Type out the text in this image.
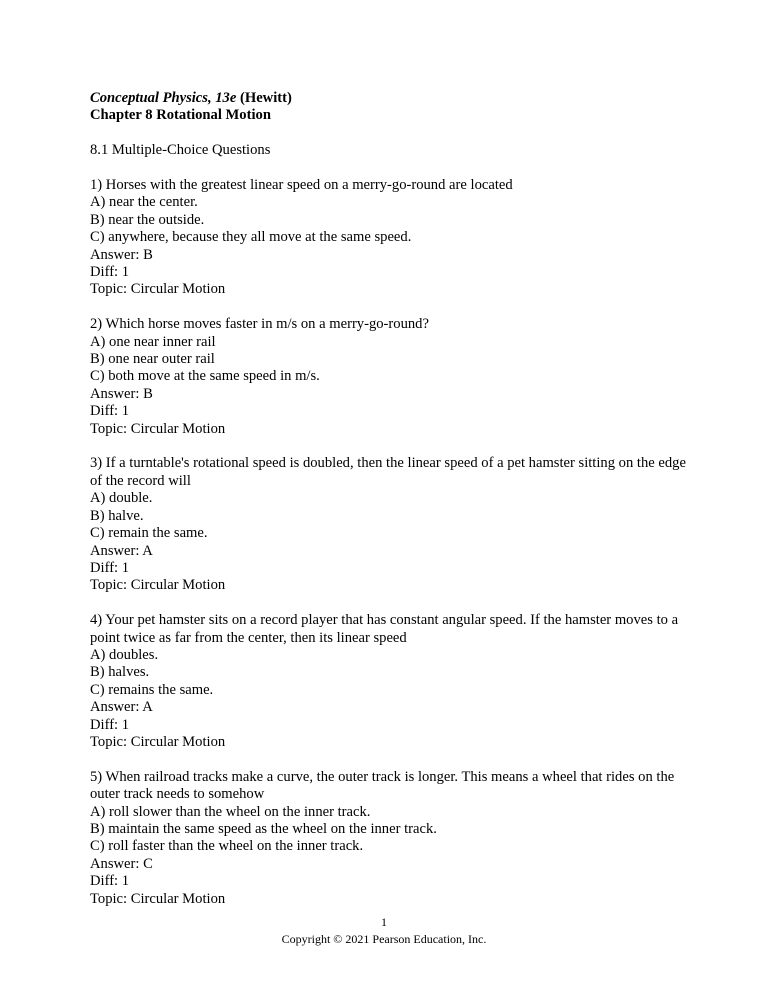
Conceptual Physics, 13e (Hewitt)
Chapter 8 Rotational Motion
8.1 Multiple-Choice Questions
1) Horses with the greatest linear speed on a merry-go-round are located
A) near the center.
B) near the outside.
C) anywhere, because they all move at the same speed.
Answer: B
Diff: 1
Topic: Circular Motion
2) Which horse moves faster in m/s on a merry-go-round?
A) one near inner rail
B) one near outer rail
C) both move at the same speed in m/s.
Answer: B
Diff: 1
Topic: Circular Motion
3) If a turntable's rotational speed is doubled, then the linear speed of a pet hamster sitting on the edge of the record will
A) double.
B) halve.
C) remain the same.
Answer: A
Diff: 1
Topic: Circular Motion
4) Your pet hamster sits on a record player that has constant angular speed. If the hamster moves to a point twice as far from the center, then its linear speed
A) doubles.
B) halves.
C) remains the same.
Answer: A
Diff: 1
Topic: Circular Motion
5) When railroad tracks make a curve, the outer track is longer. This means a wheel that rides on the outer track needs to somehow
A) roll slower than the wheel on the inner track.
B) maintain the same speed as the wheel on the inner track.
C) roll faster than the wheel on the inner track.
Answer: C
Diff: 1
Topic: Circular Motion
1
Copyright © 2021 Pearson Education, Inc.
